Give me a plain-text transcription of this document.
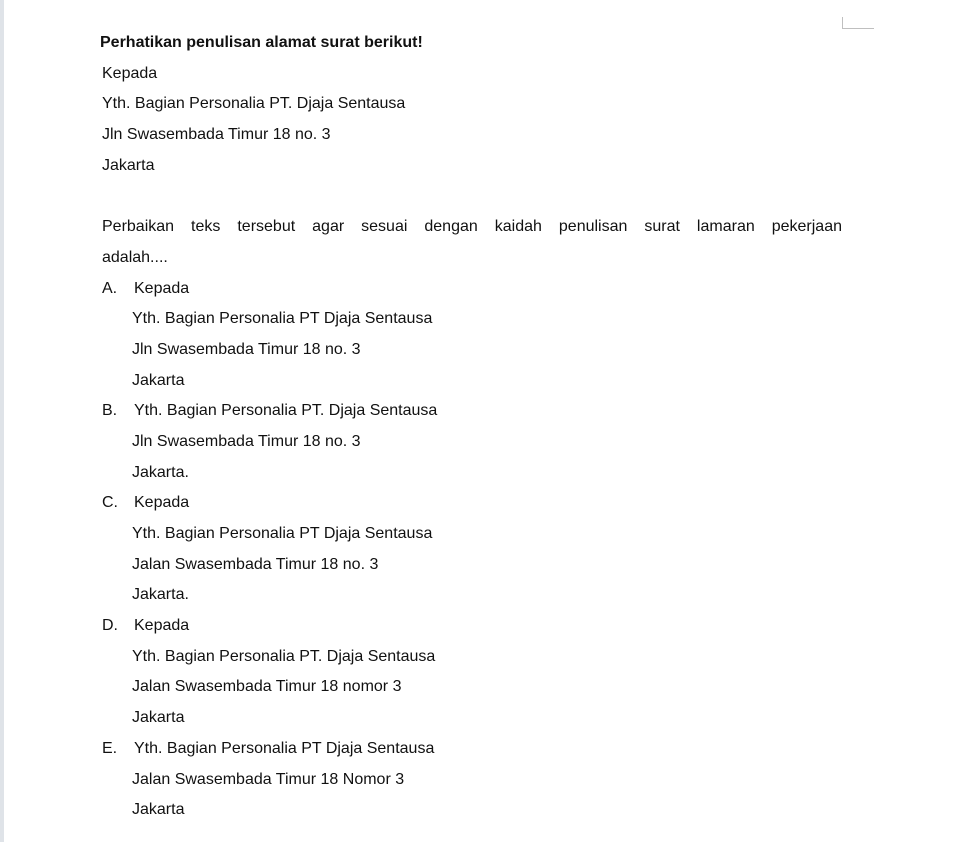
Perhatikan penulisan alamat surat berikut!
Kepada
Yth. Bagian Personalia PT. Djaja Sentausa
Jln Swasembada Timur 18 no. 3
Jakarta
Perbaikan teks tersebut agar sesuai dengan kaidah penulisan surat lamaran pekerjaan
adalah....
A.	Kepada
Yth. Bagian Personalia PT Djaja Sentausa
Jln Swasembada Timur 18 no. 3
Jakarta
B.	Yth. Bagian Personalia PT. Djaja Sentausa
Jln Swasembada Timur 18 no. 3
Jakarta.
C.	Kepada
Yth. Bagian Personalia PT Djaja Sentausa
Jalan Swasembada Timur 18 no. 3
Jakarta.
D.	Kepada
Yth. Bagian Personalia PT. Djaja Sentausa
Jalan Swasembada Timur 18 nomor 3
Jakarta
E.	Yth. Bagian Personalia PT Djaja Sentausa
Jalan Swasembada Timur 18 Nomor 3
Jakarta
